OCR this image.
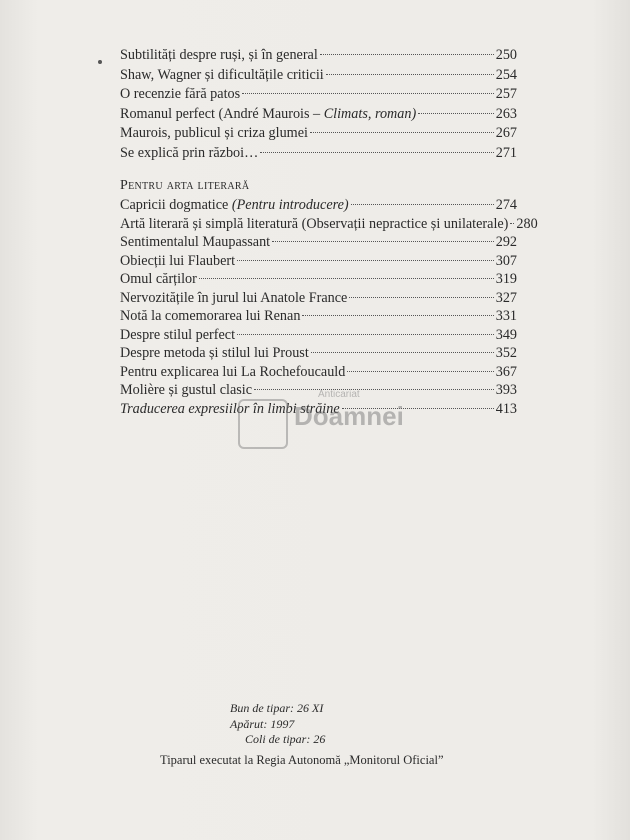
Subtilități despre ruși, și în general	250
Shaw, Wagner și dificultățile criticii	254
O recenzie fără patos	257
Romanul perfect (André Maurois – Climats, roman)	263
Maurois, publicul și criza glumei	267
Se explică prin război…	271
Pentru arta literară
Capricii dogmatice (Pentru introducere)	274
Artă literară și simplă literatură (Observații nepractice și unilaterale) 280
Sentimentalul Maupassant	292
Obiecții lui Flaubert	307
Omul cărților	319
Nervozitățile în jurul lui Anatole France	327
Notă la comemorarea lui Renan	331
Despre stilul perfect	349
Despre metoda și stilul lui Proust	352
Pentru explicarea lui La Rochefoucauld	367
Molière și gustul clasic	393
Traducerea expresiilor în limbi străine	413
Anticariat
Doamnei
Bun de tipar: 26 XI
Apărut: 1997
Coli de tipar: 26
Tiparul executat la Regia Autonomă „Monitorul Oficial”
